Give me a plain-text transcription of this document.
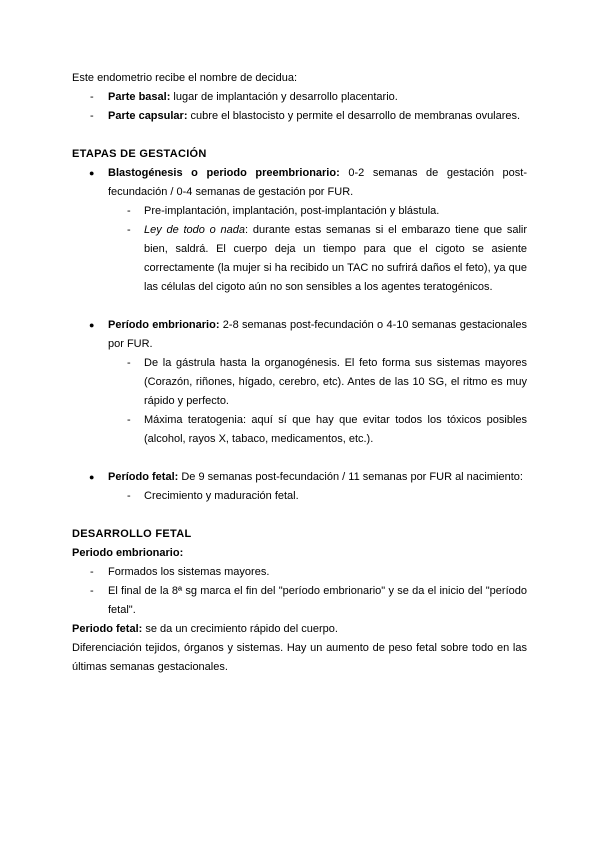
Este endometrio recibe el nombre de decidua:

- Parte basal: lugar de implantación y desarrollo placentario.
- Parte capsular: cubre el blastocisto y permite el desarrollo de membranas ovulares.

ETAPAS DE GESTACIÓN

● Blastogénesis o periodo preembrionario: 0-2 semanas de gestación post-fecundación / 0-4 semanas de gestación por FUR.

- Pre-implantación, implantación, post-implantación y blástula.
- Ley de todo o nada: durante estas semanas si el embarazo tiene que salir bien, saldrá. El cuerpo deja un tiempo para que el cigoto se asiente correctamente (la mujer si ha recibido un TAC no sufrirá daños el feto), ya que las células del cigoto aún no son sensibles a los agentes teratogénicos.

● Período embrionario: 2-8 semanas post-fecundación o 4-10 semanas gestacionales por FUR.

- De la gástrula hasta la organogénesis. El feto forma sus sistemas mayores (Corazón, riñones, hígado, cerebro, etc). Antes de las 10 SG, el ritmo es muy rápido y perfecto.
- Máxima teratogenia: aquí sí que hay que evitar todos los tóxicos posibles (alcohol, rayos X, tabaco, medicamentos, etc.).

● Período fetal: De 9 semanas post-fecundación / 11 semanas por FUR al nacimiento:

- Crecimiento y maduración fetal.

DESARROLLO FETAL

Periodo embrionario:

- Formados los sistemas mayores.
- El final de la 8ª sg marca el fin del "período embrionario" y se da el inicio del "período fetal".

Periodo fetal: se da un crecimiento rápido del cuerpo.

Diferenciación tejidos, órganos y sistemas. Hay un aumento de peso fetal sobre todo en las últimas semanas gestacionales.
